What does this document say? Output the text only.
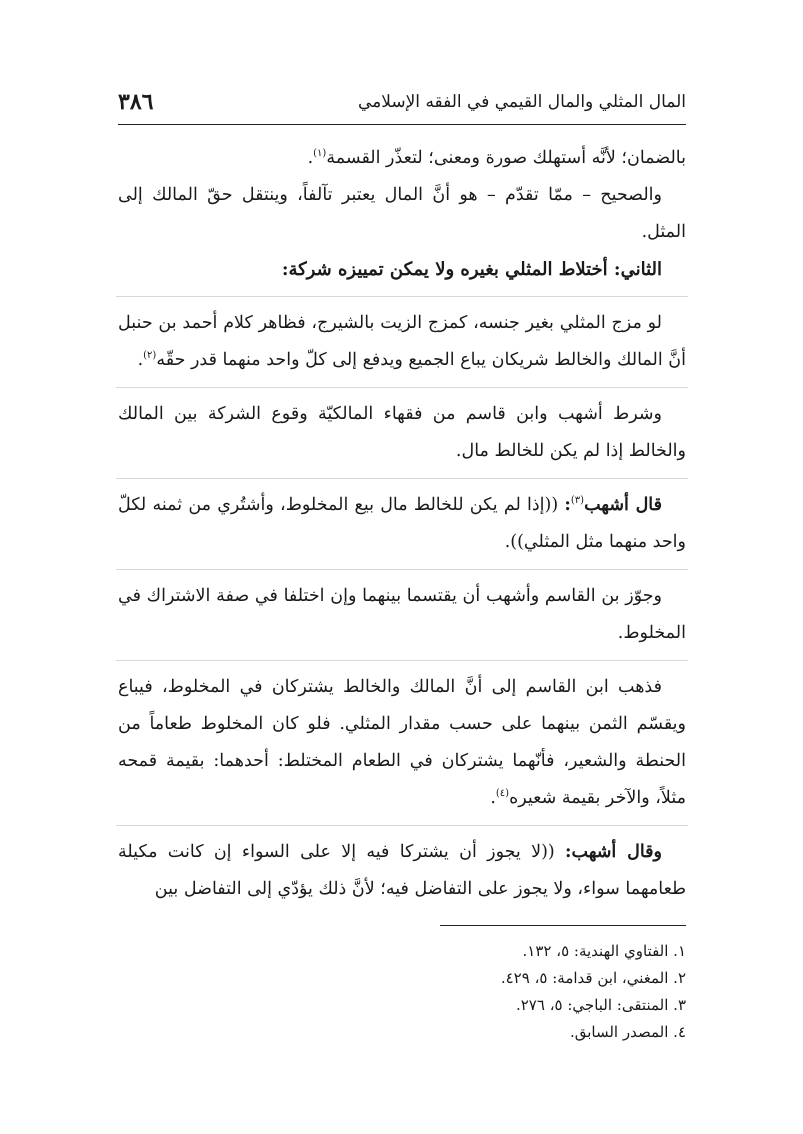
المال المثلي والمال القيمي في الفقه الإسلامي
٣٨٦

بالضمان؛ لأنَّه أستهلك صورة ومعنى؛ لتعذّر القسمة$^{(١)}$.

والصحيح – ممّا تقدّم – هو أنَّ المال يعتبر تآلفاً، وينتقل حقّ المالك إلى المثل.

الثاني: أختلاط المثلي بغيره ولا يمكن تمييزه شركة:

لو مزج المثلي بغير جنسه، كمزج الزيت بالشيرج، فظاهر كلام أحمد بن حنبل أنَّ المالك والخالط شريكان يباع الجميع ويدفع إلى كلّ واحد منهما قدر حقّه$^{(٢)}$.

وشرط أشهب وابن قاسم من فقهاء المالكيّة وقوع الشركة بين المالك والخالط إذا لم يكن للخالط مال.

قال أشهب$^{(٣)}$: ((إذا لم يكن للخالط مال بيع المخلوط، وأشتُري من ثمنه لكلّ واحد منهما مثل المثلي)).

وجوّز بن القاسم وأشهب أن يقتسما بينهما وإن اختلفا في صفة الاشتراك في المخلوط.

فذهب ابن القاسم إلى أنَّ المالك والخالط يشتركان في المخلوط، فيباع ويقسّم الثمن بينهما على حسب مقدار المثلي. فلو كان المخلوط طعاماً من الحنطة والشعير، فأنّهما يشتركان في الطعام المختلط: أحدهما: بقيمة قمحه مثلاً، والآخر بقيمة شعيره$^{(٤)}$.

وقال أشهب: ((لا يجوز أن يشتركا فيه إلا على السواء إن كانت مكيلة طعامهما سواء، ولا يجوز على التفاضل فيه؛ لأنَّ ذلك يؤدّي إلى التفاضل بين

١. الفتاوي الهندية: ٥، ١٣٢.
٢. المغني، ابن قدامة: ٥، ٤٢٩.
٣. المنتقى: الباجي: ٥، ٢٧٦.
٤. المصدر السابق.
